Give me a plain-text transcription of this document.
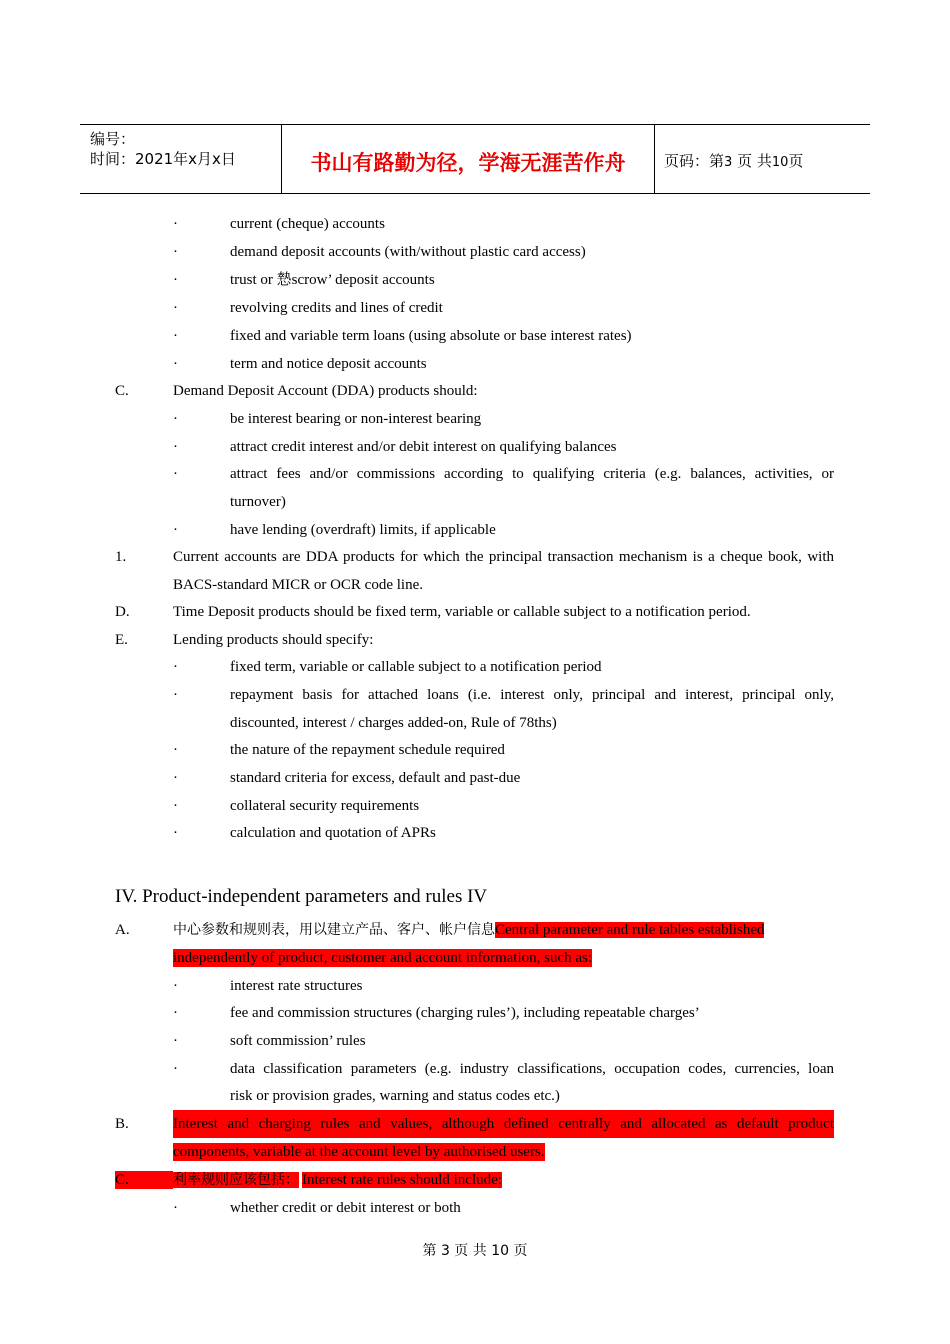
编号：
时间：2021年x月x日	书山有路勤为径，学海无涯苦作舟	页码：第3 页 共10页
·	current (cheque) accounts
·	demand deposit accounts (with/without plastic card access)
·	trust or 慹scrow’ deposit accounts
·	revolving credits and lines of credit
·	fixed and variable term loans (using absolute or base interest rates)
·	term and notice deposit accounts
C.	Demand Deposit Account (DDA) products should:
·	be interest bearing or non-interest bearing
·	attract credit interest and/or debit interest on qualifying balances
·	attract fees and/or commissions according to qualifying criteria (e.g. balances, activities, or
turnover)
·	have lending (overdraft) limits, if applicable
1.	Current accounts are DDA products for which the principal transaction mechanism is a cheque book, with
BACS-standard MICR or OCR code line.
D.	Time Deposit products should be fixed term, variable or callable subject to a notification period.
E.	Lending products should specify:
·	fixed term, variable or callable subject to a notification period
·	repayment basis for attached loans (i.e. interest only, principal and interest, principal only,
discounted, interest / charges added-on, Rule of 78ths)
·	the nature of the repayment schedule required
·	standard criteria for excess, default and past-due
·	collateral security requirements
·	calculation and quotation of APRs
IV. Product-independent parameters and rules IV
A.	中心参数和规则表，用以建立产品、客户、帐户信息Central parameter and rule tables established
independently of product, customer and account information, such as:
·	interest rate structures
·	fee and commission structures (charging rules’), including repeatable charges’
·	soft commission’ rules
·	data classification parameters (e.g. industry classifications, occupation codes, currencies, loan
risk or provision grades, warning and status codes etc.)
B.	Interest and charging rules and values, although defined centrally and allocated as default product
components, variable at the account level by authorised users.
C.	利率规则应该包括： Interest rate rules should include:
·	whether credit or debit interest or both
第 3 页 共 10 页
